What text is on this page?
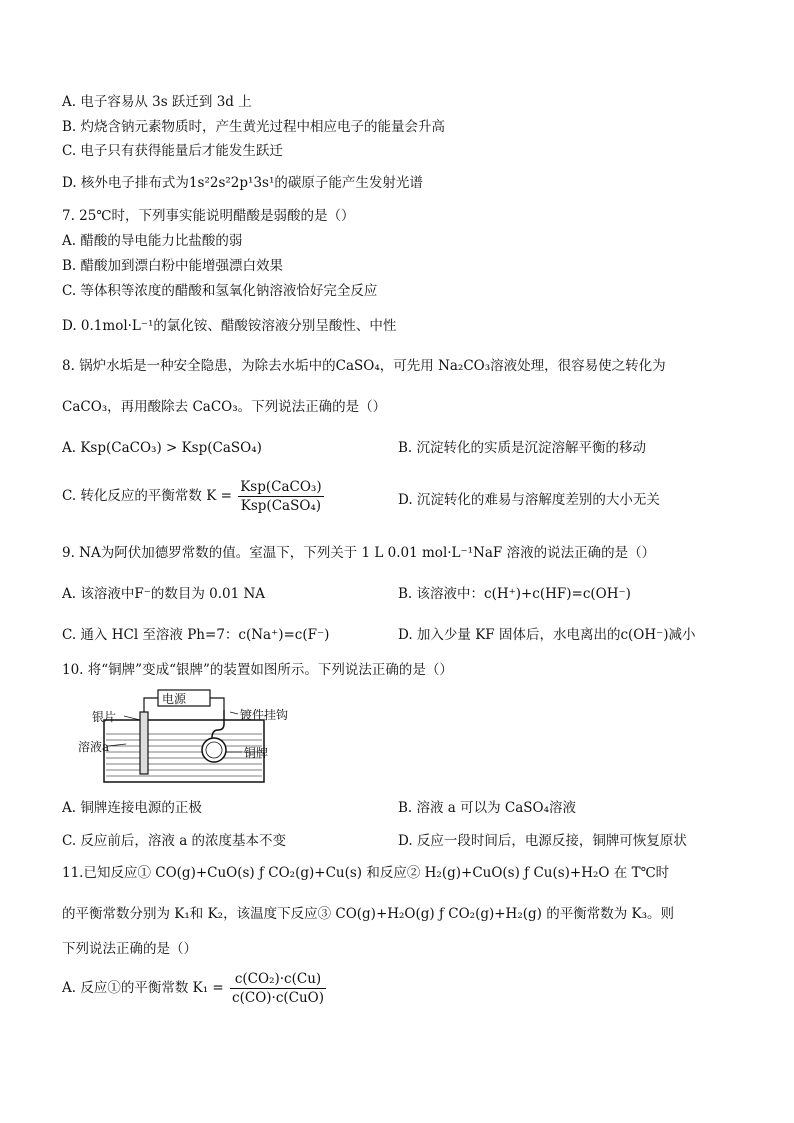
A. 电子容易从 3s 跃迁到 3d 上
B. 灼烧含钠元素物质时，产生黄光过程中相应电子的能量会升高
C. 电子只有获得能量后才能发生跃迁
D. 核外电子排布式为1s²2s²2p¹3s¹的碳原子能产生发射光谱
7. 25℃时，下列事实能说明醋酸是弱酸的是（）
A. 醋酸的导电能力比盐酸的弱
B. 醋酸加到漂白粉中能增强漂白效果
C. 等体积等浓度的醋酸和氢氧化钠溶液恰好完全反应
D. 0.1mol·L⁻¹的氯化铵、醋酸铵溶液分别呈酸性、中性
8. 锅炉水垢是一种安全隐患，为除去水垢中的CaSO₄，可先用 Na₂CO₃溶液处理，很容易使之转化为
CaCO₃，再用酸除去 CaCO₃。下列说法正确的是（）
A. Ksp(CaCO₃) > Ksp(CaSO₄)	B. 沉淀转化的实质是沉淀溶解平衡的移动
C. 转化反应的平衡常数 $K = \frac{\text{Ksp(CaCO₃)}}{\text{Ksp(CaSO₄)}}$	D. 沉淀转化的难易与溶解度差别的大小无关
9. NA为阿伏加德罗常数的值。室温下，下列关于 1 L 0.01 mol·L⁻¹NaF 溶液的说法正确的是（）
A. 该溶液中F⁻的数目为 0.01 NA	B. 该溶液中：c(H⁺)+c(HF)=c(OH⁻)
C. 通入 HCl 至溶液 Ph=7：c(Na⁺)=c(F⁻)	D. 加入少量 KF 固体后，水电离出的c(OH⁻)减小
10. 将“铜牌”变成“银牌”的装置如图所示。下列说法正确的是（）
电源
银片	镀件挂钩
溶液a	铜牌
A. 铜牌连接电源的正极	B. 溶液 a 可以为 CaSO₄溶液
C. 反应前后，溶液 a 的浓度基本不变	D. 反应一段时间后，电源反接，铜牌可恢复原状
11.已知反应① CO(g)+CuO(s) ƒ CO₂(g)+Cu(s) 和反应② H₂(g)+CuO(s) ƒ Cu(s)+H₂O 在 T℃时
的平衡常数分别为 K₁和 K₂，该温度下反应③ CO(g)+H₂O(g) ƒ CO₂(g)+H₂(g) 的平衡常数为 K₃。则
下列说法正确的是（）
A. 反应①的平衡常数 $K_1 = \frac{\text{c(CO₂)·c(Cu)}}{\text{c(CO)·c(CuO)}}$
